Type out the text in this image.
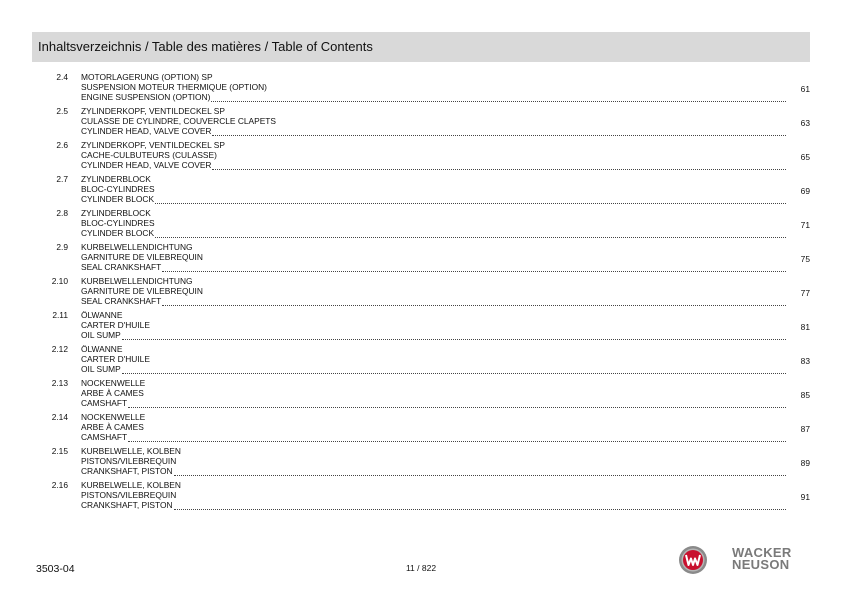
Inhaltsverzeichnis / Table des matières / Table of Contents
2.4 MOTORLAGERUNG (OPTION) SP
SUSPENSION MOTEUR THERMIQUE (OPTION)
ENGINE SUSPENSION (OPTION)
61
2.5 ZYLINDERKOPF, VENTILDECKEL SP
CULASSE DE CYLINDRE, COUVERCLE CLAPETS
CYLINDER HEAD, VALVE COVER
63
2.6 ZYLINDERKOPF, VENTILDECKEL SP
CACHE-CULBUTEURS (CULASSE)
CYLINDER HEAD, VALVE COVER
65
2.7 ZYLINDERBLOCK
BLOC-CYLINDRES
CYLINDER BLOCK
69
2.8 ZYLINDERBLOCK
BLOC-CYLINDRES
CYLINDER BLOCK
71
2.9 KURBELWELLENDICHTUNG
GARNITURE DE VILEBREQUIN
SEAL CRANKSHAFT
75
2.10 KURBELWELLENDICHTUNG
GARNITURE DE VILEBREQUIN
SEAL CRANKSHAFT
77
2.11 ÖLWANNE
CARTER D'HUILE
OIL SUMP
81
2.12 ÖLWANNE
CARTER D'HUILE
OIL SUMP
83
2.13 NOCKENWELLE
ARBE À CAMES
CAMSHAFT
85
2.14 NOCKENWELLE
ARBE À CAMES
CAMSHAFT
87
2.15 KURBELWELLE, KOLBEN
PISTONS/VILEBREQUIN
CRANKSHAFT, PISTON
89
2.16 KURBELWELLE, KOLBEN
PISTONS/VILEBREQUIN
CRANKSHAFT, PISTON
91
3503-04	11 / 822
WACKER
NEUSON
